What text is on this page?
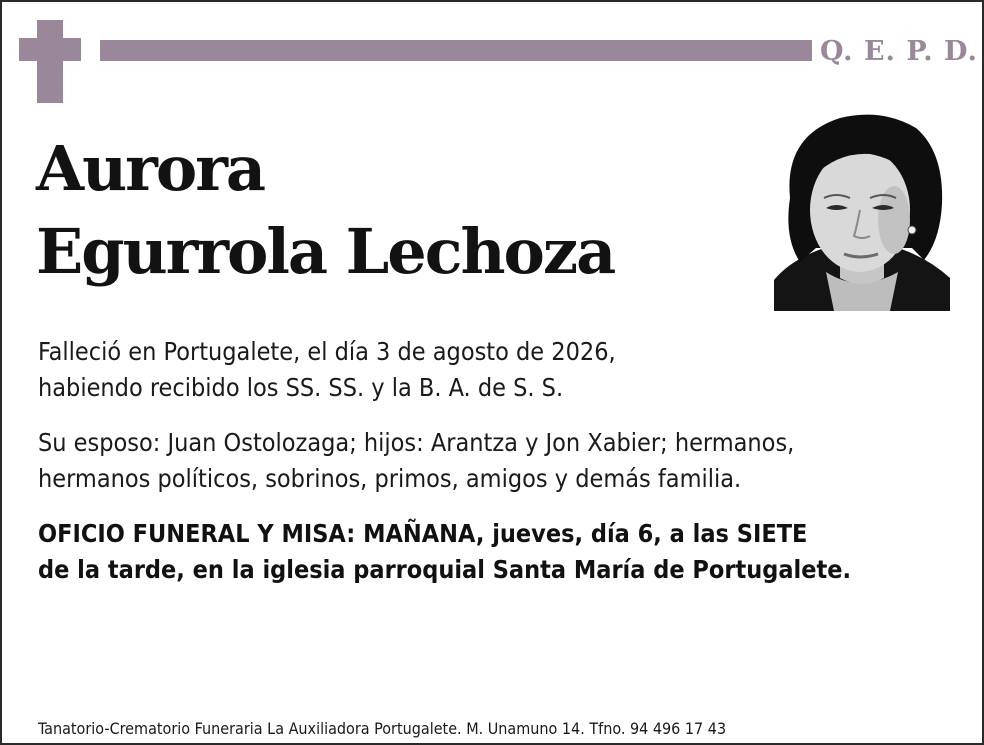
Q. E. P. D.
Aurora
Egurrola Lechoza
Falleció en Portugalete, el día 3 de agosto de 2026,
habiendo recibido los SS. SS. y la B. A. de S. S.
Su esposo: Juan Ostolozaga; hijos: Arantza y Jon Xabier; hermanos,
hermanos políticos, sobrinos, primos, amigos y demás familia.
OFICIO FUNERAL Y MISA: MAÑANA, jueves, día 6, a las SIETE
de la tarde, en la iglesia parroquial Santa María de Portugalete.
Tanatorio-Crematorio Funeraria La Auxiliadora Portugalete. M. Unamuno 14. Tfno. 94 496 17 43
